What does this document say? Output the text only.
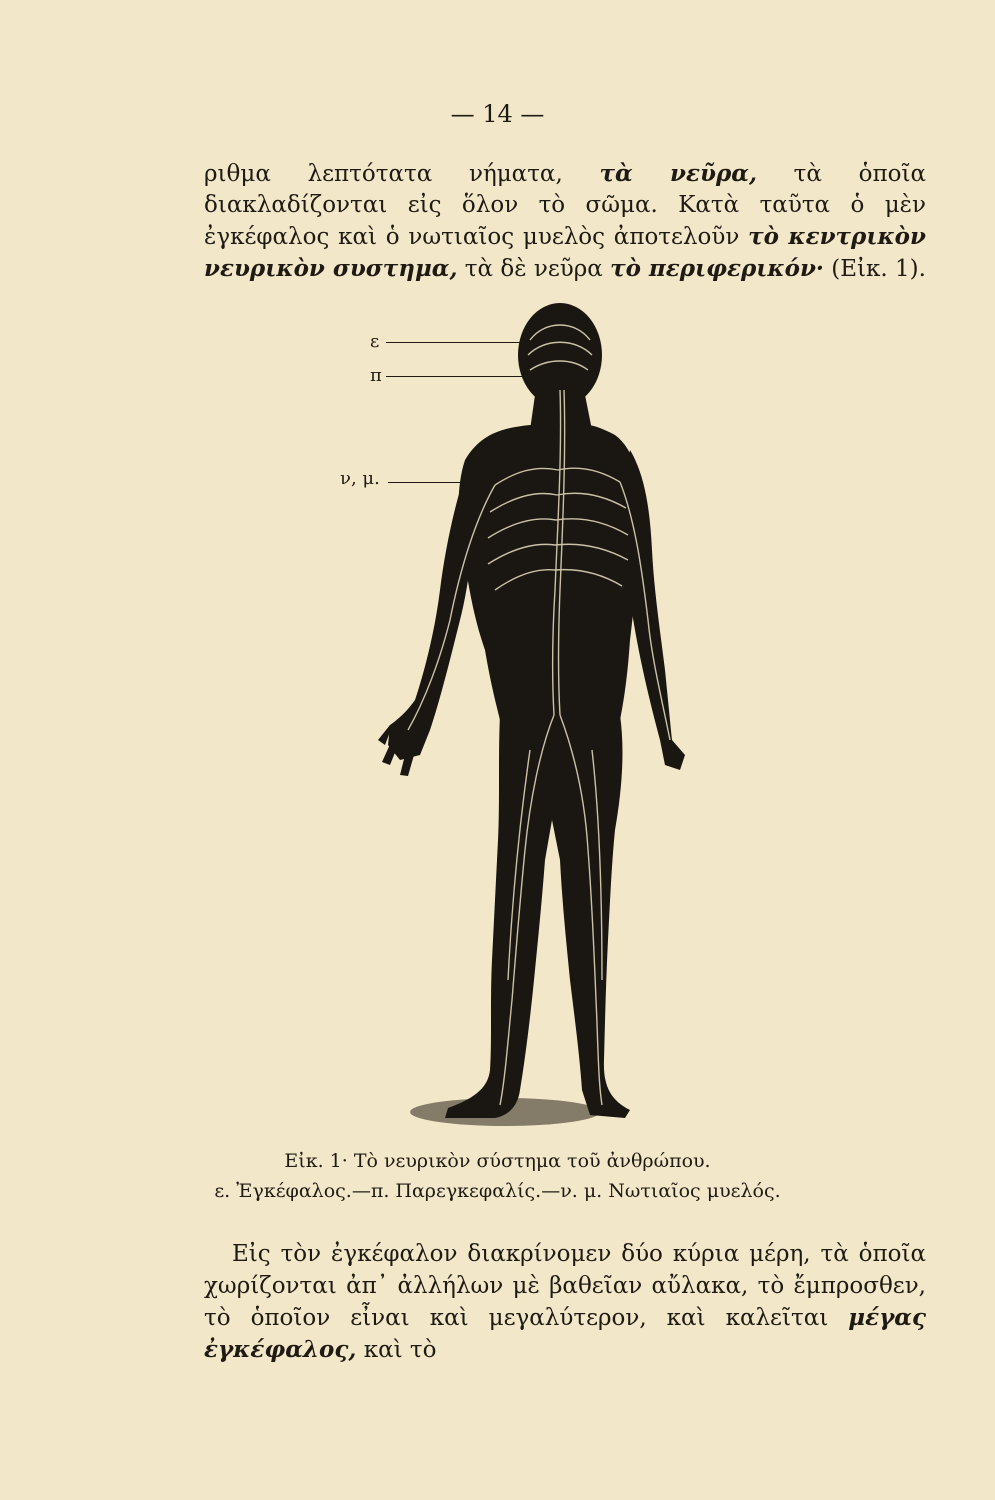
— 14 —
ριθμα λεπτότατα νήματα, τὰ νεῦρα, τὰ ὁποῖα διακλαδίζονται εἰς ὅλον τὸ σῶμα. Κατὰ ταῦτα ὁ μὲν ἐγκέφαλος καὶ ὁ νωτιαῖος μυελὸς ἀποτελοῦν τὸ κεντρικὸν νευρικὸν συστημα, τὰ δὲ νεῦρα τὸ περιφερικόν· (Εἰκ. 1).
ε
π
ν, μ.
Εἰκ. 1· Τὸ νευρικὸν σύστημα τοῦ ἀνθρώπου.
ε. Ἐγκέφαλος.—π. Παρεγκεφαλίς.—ν. μ. Νωτιαῖος μυελός.
Εἰς τὸν ἐγκέφαλον διακρίνομεν δύο κύρια μέρη, τὰ ὁποῖα χωρίζονται ἀπ᾽ ἀλλήλων μὲ βαθεῖαν αὔλακα, τὸ ἔμπροσθεν, τὸ ὁποῖον εἶναι καὶ μεγαλύτερον, καὶ καλεῖται μέγας ἐγκέφαλος, καὶ τὸ
